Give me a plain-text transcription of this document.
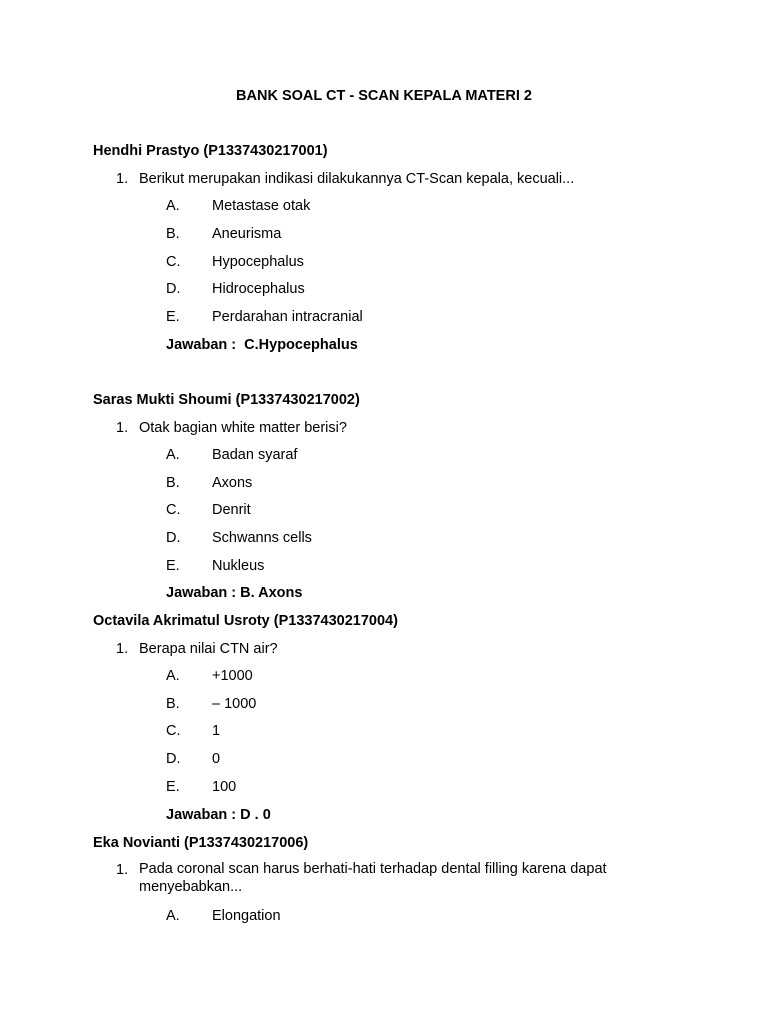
BANK SOAL CT - SCAN KEPALA MATERI 2
Hendhi Prastyo (P1337430217001)
1. Berikut merupakan indikasi dilakukannya CT-Scan kepala, kecuali...
A. Metastase otak
B. Aneurisma
C. Hypocephalus
D. Hidrocephalus
E. Perdarahan intracranial
Jawaban :  C.Hypocephalus
Saras Mukti Shoumi (P1337430217002)
1. Otak bagian white matter berisi?
A. Badan syaraf
B. Axons
C. Denrit
D. Schwanns cells
E. Nukleus
Jawaban : B. Axons
Octavila Akrimatul Usroty (P1337430217004)
1. Berapa nilai CTN air?
A. +1000
B. – 1000
C. 1
D. 0
E. 100
Jawaban : D . 0
Eka Novianti (P1337430217006)
1. Pada coronal scan harus berhati-hati terhadap dental filling karena dapat menyebabkan...
A. Elongation
